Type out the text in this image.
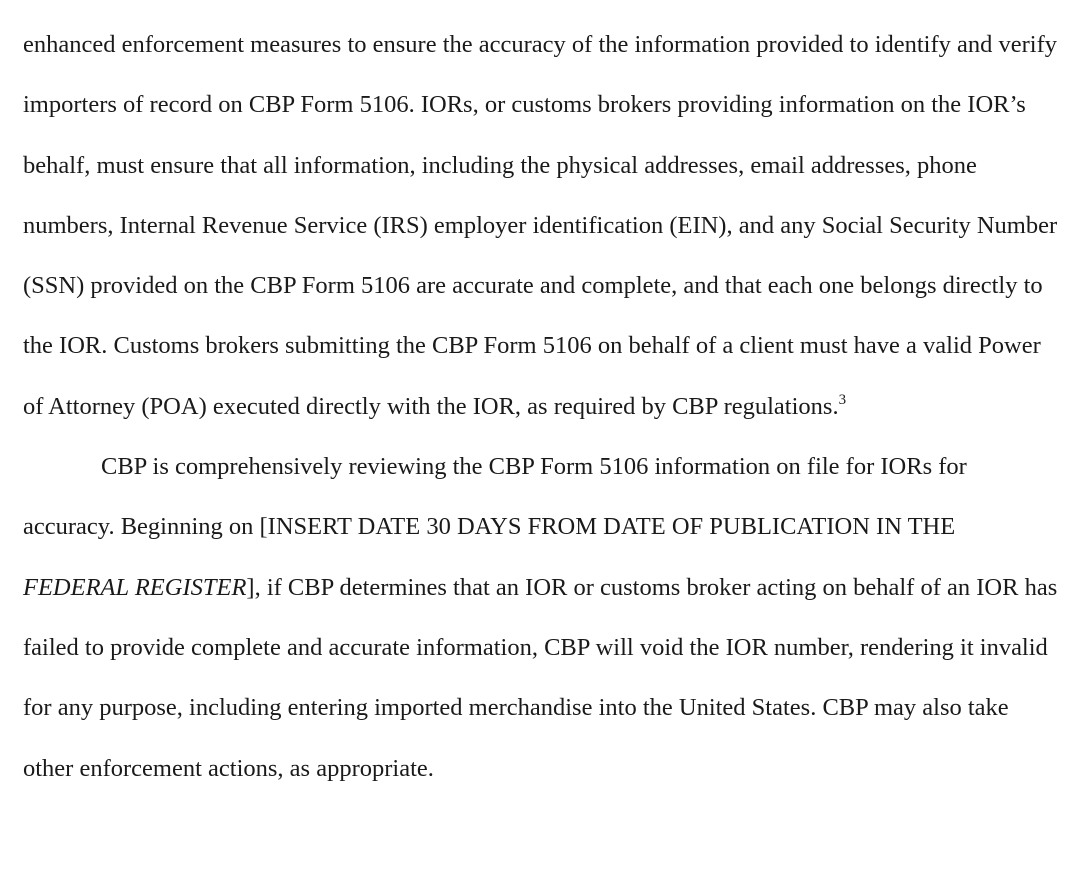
enhanced enforcement measures to ensure the accuracy of the information provided to identify and verify importers of record on CBP Form 5106. IORs, or customs brokers providing information on the IOR’s behalf, must ensure that all information, including the physical addresses, email addresses, phone numbers, Internal Revenue Service (IRS) employer identification (EIN), and any Social Security Number (SSN) provided on the CBP Form 5106 are accurate and complete, and that each one belongs directly to the IOR. Customs brokers submitting the CBP Form 5106 on behalf of a client must have a valid Power of Attorney (POA) executed directly with the IOR, as required by CBP regulations.$^3$

CBP is comprehensively reviewing the CBP Form 5106 information on file for IORs for accuracy. Beginning on [INSERT DATE 30 DAYS FROM DATE OF PUBLICATION IN THE FEDERAL REGISTER], if CBP determines that an IOR or customs broker acting on behalf of an IOR has failed to provide complete and accurate information, CBP will void the IOR number, rendering it invalid for any purpose, including entering imported merchandise into the United States. CBP may also take other enforcement actions, as appropriate.
